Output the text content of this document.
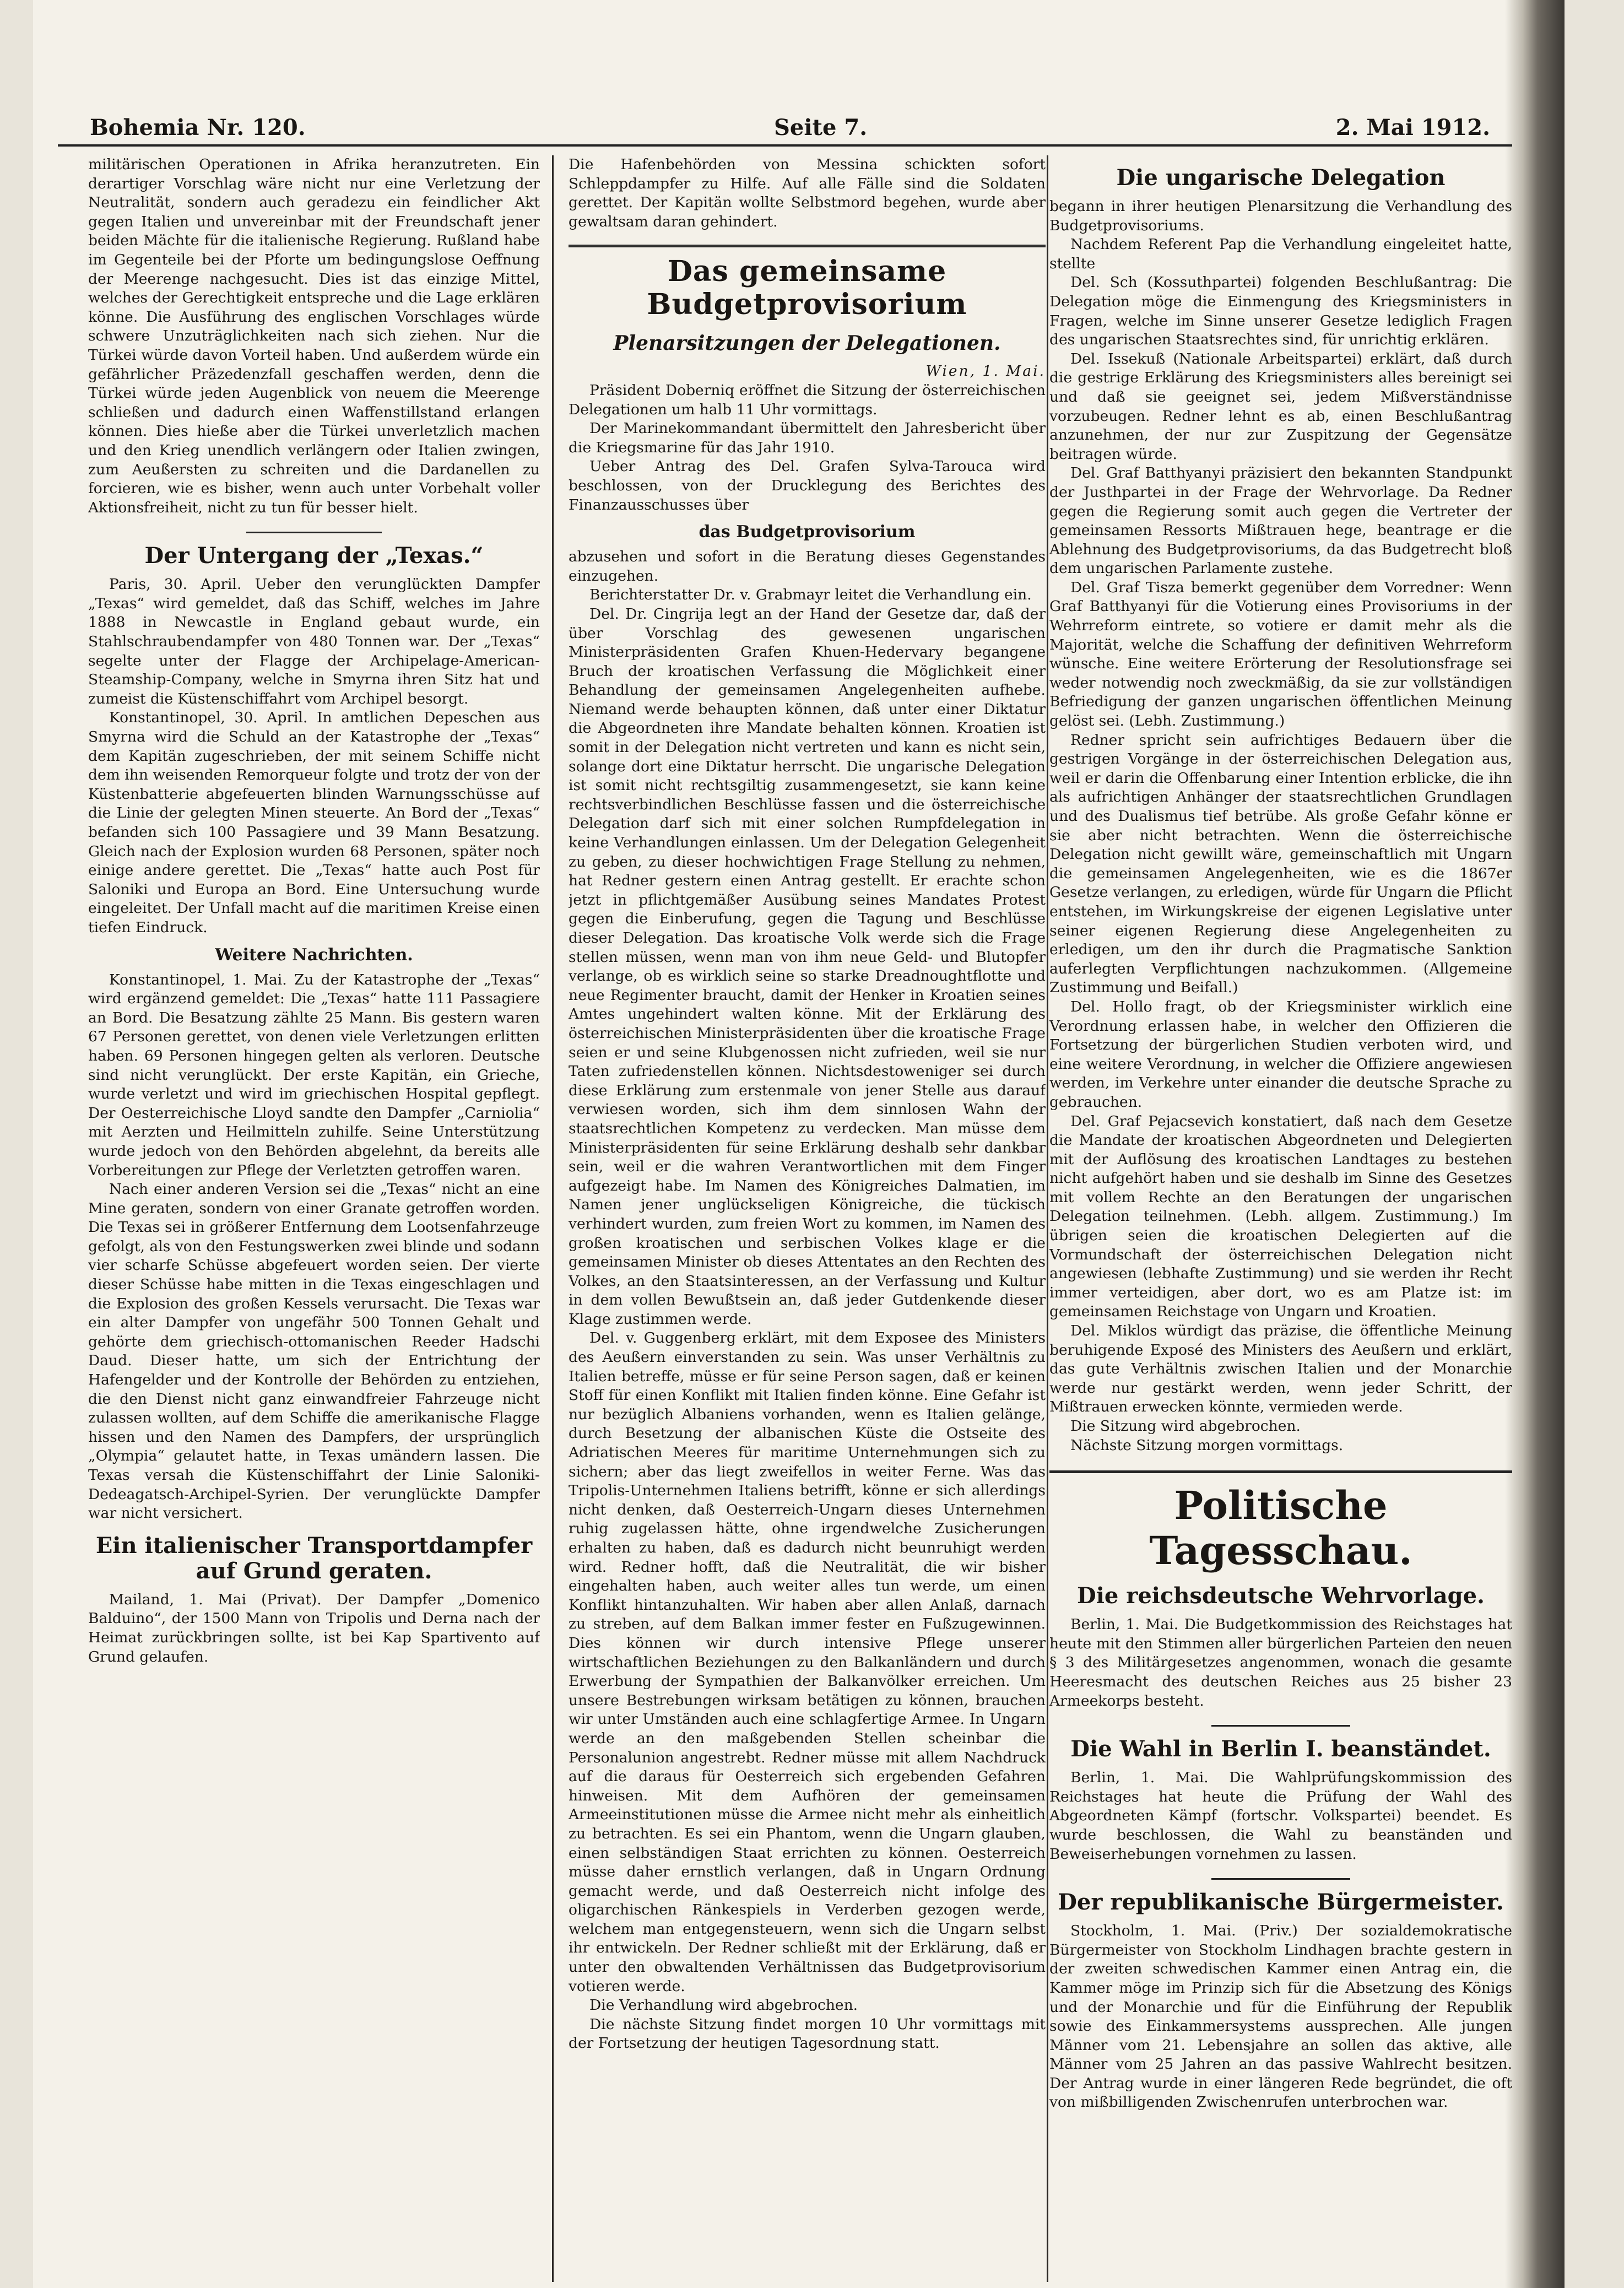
Bohemia Nr. 120.	Seite 7.	2. Mai 1912.

militärischen Operationen in Afrika heranzutreten. Ein derartiger Vorschlag wäre nicht nur eine Verletzung der Neutralität, sondern auch geradezu ein feindlicher Akt gegen Italien und unvereinbar mit der Freundschaft jener beiden Mächte für die italienische Regierung. Rußland habe im Gegenteile bei der Pforte um bedingungslose Oeffnung der Meerenge nachgesucht. Dies ist das einzige Mittel, welches der Gerechtigkeit entspreche und die Lage erklären könne. Die Ausführung des englischen Vorschlages würde schwere Unzuträglichkeiten nach sich ziehen. Nur die Türkei würde davon Vorteil haben. Und außerdem würde ein gefährlicher Präzedenzfall geschaffen werden, denn die Türkei würde jeden Augenblick von neuem die Meerenge schließen und dadurch einen Waffenstillstand erlangen können. Dies hieße aber die Türkei unverletzlich machen und den Krieg unendlich verlängern oder Italien zwingen, zum Aeußersten zu schreiten und die Dardanellen zu forcieren, wie es bisher, wenn auch unter Vorbehalt voller Aktionsfreiheit, nicht zu tun für besser hielt.

Der Untergang der „Texas.“

Paris, 30. April. Ueber den verunglückten Dampfer „Texas“ wird gemeldet, daß das Schiff, welches im Jahre 1888 in Newcastle in England gebaut wurde, ein Stahlschraubendampfer von 480 Tonnen war. Der „Texas“ segelte unter der Flagge der Archipelage-American-Steamship-Company, welche in Smyrna ihren Sitz hat und zumeist die Küstenschiffahrt vom Archipel besorgt.

Konstantinopel, 30. April. In amtlichen Depeschen aus Smyrna wird die Schuld an der Katastrophe der „Texas“ dem Kapitän zugeschrieben, der mit seinem Schiffe nicht dem ihn weisenden Remorqueur folgte und trotz der von der Küstenbatterie abgefeuerten blinden Warnungsschüsse auf die Linie der gelegten Minen steuerte. An Bord der „Texas“ befanden sich 100 Passagiere und 39 Mann Besatzung. Gleich nach der Explosion wurden 68 Personen, später noch einige andere gerettet. Die „Texas“ hatte auch Post für Saloniki und Europa an Bord. Eine Untersuchung wurde eingeleitet. Der Unfall macht auf die maritimen Kreise einen tiefen Eindruck.

Weitere Nachrichten.

Konstantinopel, 1. Mai. Zu der Katastrophe der „Texas“ wird ergänzend gemeldet: Die „Texas“ hatte 111 Passagiere an Bord. Die Besatzung zählte 25 Mann. Bis gestern waren 67 Personen gerettet, von denen viele Verletzungen erlitten haben. 69 Personen hingegen gelten als verloren. Deutsche sind nicht verunglückt. Der erste Kapitän, ein Grieche, wurde verletzt und wird im griechischen Hospital gepflegt. Der Oesterreichische Lloyd sandte den Dampfer „Carniolia“ mit Aerzten und Heilmitteln zuhilfe. Seine Unterstützung wurde jedoch von den Behörden abgelehnt, da bereits alle Vorbereitungen zur Pflege der Verletzten getroffen waren.

Nach einer anderen Version sei die „Texas“ nicht an eine Mine geraten, sondern von einer Granate getroffen worden. Die Texas sei in größerer Entfernung dem Lootsenfahrzeuge gefolgt, als von den Festungswerken zwei blinde und sodann vier scharfe Schüsse abgefeuert worden seien. Der vierte dieser Schüsse habe mitten in die Texas eingeschlagen und die Explosion des großen Kessels verursacht. Die Texas war ein alter Dampfer von ungefähr 500 Tonnen Gehalt und gehörte dem griechisch-ottomanischen Reeder Hadschi Daud. Dieser hatte, um sich der Entrichtung der Hafengelder und der Kontrolle der Behörden zu entziehen, die den Dienst nicht ganz einwandfreier Fahrzeuge nicht zulassen wollten, auf dem Schiffe die amerikanische Flagge hissen und den Namen des Dampfers, der ursprünglich „Olympia“ gelautet hatte, in Texas umändern lassen. Die Texas versah die Küstenschiffahrt der Linie Saloniki-Dedeagatsch-Archipel-Syrien. Der verunglückte Dampfer war nicht versichert.

Ein italienischer Transportdampfer auf Grund geraten.

Mailand, 1. Mai (Privat). Der Dampfer „Domenico Balduino“, der 1500 Mann von Tripolis und Derna nach der Heimat zurückbringen sollte, ist bei Kap Spartivento auf Grund gelaufen.

Die Hafenbehörden von Messina schickten sofort Schleppdampfer zu Hilfe. Auf alle Fälle sind die Soldaten gerettet. Der Kapitän wollte Selbstmord begehen, wurde aber gewaltsam daran gehindert.

Das gemeinsame Budgetprovisorium
Plenarsitzungen der Delegationen.

Wien, 1. Mai.

Präsident Doberniq eröffnet die Sitzung der österreichischen Delegationen um halb 11 Uhr vormittags.

Der Marinekommandant übermittelt den Jahresbericht über die Kriegsmarine für das Jahr 1910.

Ueber Antrag des Del. Grafen Sylva-Tarouca wird beschlossen, von der Drucklegung des Berichtes des Finanzausschusses über

das Budgetprovisorium

abzusehen und sofort in die Beratung dieses Gegenstandes einzugehen.

Berichterstatter Dr. v. Grabmayr leitet die Verhandlung ein.

Del. Dr. Cingrija legt an der Hand der Gesetze dar, daß der über Vorschlag des gewesenen ungarischen Ministerpräsidenten Grafen Khuen-Hedervary begangene Bruch der kroatischen Verfassung die Möglichkeit einer Behandlung der gemeinsamen Angelegenheiten aufhebe. Niemand werde behaupten können, daß unter einer Diktatur die Abgeordneten ihre Mandate behalten können. Kroatien ist somit in der Delegation nicht vertreten und kann es nicht sein, solange dort eine Diktatur herrscht. Die ungarische Delegation ist somit nicht rechtsgiltig zusammengesetzt, sie kann keine rechtsverbindlichen Beschlüsse fassen und die österreichische Delegation darf sich mit einer solchen Rumpfdelegation in keine Verhandlungen einlassen. Um der Delegation Gelegenheit zu geben, zu dieser hochwichtigen Frage Stellung zu nehmen, hat Redner gestern einen Antrag gestellt. Er erachte schon jetzt in pflichtgemäßer Ausübung seines Mandates Protest gegen die Einberufung, gegen die Tagung und Beschlüsse dieser Delegation. Das kroatische Volk werde sich die Frage stellen müssen, wenn man von ihm neue Geld- und Blutopfer verlange, ob es wirklich seine so starke Dreadnoughtflotte und neue Regimenter braucht, damit der Henker in Kroatien seines Amtes ungehindert walten könne. Mit der Erklärung des österreichischen Ministerpräsidenten über die kroatische Frage seien er und seine Klubgenossen nicht zufrieden, weil sie nur Taten zufriedenstellen können. Nichtsdestoweniger sei durch diese Erklärung zum erstenmale von jener Stelle aus darauf verwiesen worden, sich ihm dem sinnlosen Wahn der staatsrechtlichen Kompetenz zu verdecken. Man müsse dem Ministerpräsidenten für seine Erklärung deshalb sehr dankbar sein, weil er die wahren Verantwortlichen mit dem Finger aufgezeigt habe. Im Namen des Königreiches Dalmatien, im Namen jener unglückseligen Königreiche, die tückisch verhindert wurden, zum freien Wort zu kommen, im Namen des großen kroatischen und serbischen Volkes klage er die gemeinsamen Minister ob dieses Attentates an den Rechten des Volkes, an den Staatsinteressen, an der Verfassung und Kultur in dem vollen Bewußtsein an, daß jeder Gutdenkende dieser Klage zustimmen werde.

Del. v. Guggenberg erklärt, mit dem Exposee des Ministers des Aeußern einverstanden zu sein. Was unser Verhältnis zu Italien betreffe, müsse er für seine Person sagen, daß er keinen Stoff für einen Konflikt mit Italien finden könne. Eine Gefahr ist nur bezüglich Albaniens vorhanden, wenn es Italien gelänge, durch Besetzung der albanischen Küste die Ostseite des Adriatischen Meeres für maritime Unternehmungen sich zu sichern; aber das liegt zweifellos in weiter Ferne. Was das Tripolis-Unternehmen Italiens betrifft, könne er sich allerdings nicht denken, daß Oesterreich-Ungarn dieses Unternehmen ruhig zugelassen hätte, ohne irgendwelche Zusicherungen erhalten zu haben, daß es dadurch nicht beunruhigt werden wird. Redner hofft, daß die Neutralität, die wir bisher eingehalten haben, auch weiter alles tun werde, um einen Konflikt hintanzuhalten. Wir haben aber allen Anlaß, darnach zu streben, auf dem Balkan immer fester en Fußzugewinnen. Dies können wir durch intensive Pflege unserer wirtschaftlichen Beziehungen zu den Balkanländern und durch Erwerbung der Sympathien der Balkanvölker erreichen. Um unsere Bestrebungen wirksam betätigen zu können, brauchen wir unter Umständen auch eine schlagfertige Armee. In Ungarn werde an den maßgebenden Stellen scheinbar die Personalunion angestrebt. Redner müsse mit allem Nachdruck auf die daraus für Oesterreich sich ergebenden Gefahren hinweisen. Mit dem Aufhören der gemeinsamen Armeeinstitutionen müsse die Armee nicht mehr als einheitlich zu betrachten. Es sei ein Phantom, wenn die Ungarn glauben, einen selbständigen Staat errichten zu können. Oesterreich müsse daher ernstlich verlangen, daß in Ungarn Ordnung gemacht werde, und daß Oesterreich nicht infolge des oligarchischen Ränkespiels in Verderben gezogen werde, welchem man entgegensteuern, wenn sich die Ungarn selbst ihr entwickeln. Der Redner schließt mit der Erklärung, daß er unter den obwaltenden Verhältnissen das Budgetprovisorium votieren werde.

Die Verhandlung wird abgebrochen.

Die nächste Sitzung findet morgen 10 Uhr vormittags mit der Fortsetzung der heutigen Tagesordnung statt.

Die ungarische Delegation

begann in ihrer heutigen Plenarsitzung die Verhandlung des Budgetprovisoriums.

Nachdem Referent Pap die Verhandlung eingeleitet hatte, stellte

Del. Sch (Kossuthpartei) folgenden Beschlußantrag: Die Delegation möge die Einmengung des Kriegsministers in Fragen, welche im Sinne unserer Gesetze lediglich Fragen des ungarischen Staatsrechtes sind, für unrichtig erklären.

Del. Issekuß (Nationale Arbeitspartei) erklärt, daß durch die gestrige Erklärung des Kriegsministers alles bereinigt sei und daß sie geeignet sei, jedem Mißverständnisse vorzubeugen. Redner lehnt es ab, einen Beschlußantrag anzunehmen, der nur zur Zuspitzung der Gegensätze beitragen würde.

Del. Graf Batthyanyi präzisiert den bekannten Standpunkt der Justhpartei in der Frage der Wehrvorlage. Da Redner gegen die Regierung somit auch gegen die Vertreter der gemeinsamen Ressorts Mißtrauen hege, beantrage er die Ablehnung des Budgetprovisoriums, da das Budgetrecht bloß dem ungarischen Parlamente zustehe.

Del. Graf Tisza bemerkt gegenüber dem Vorredner: Wenn Graf Batthyanyi für die Votierung eines Provisoriums in der Wehrreform eintrete, so votiere er damit mehr als die Majorität, welche die Schaffung der definitiven Wehrreform wünsche. Eine weitere Erörterung der Resolutionsfrage sei weder notwendig noch zweckmäßig, da sie zur vollständigen Befriedigung der ganzen ungarischen öffentlichen Meinung gelöst sei. (Lebh. Zustimmung.)

Redner spricht sein aufrichtiges Bedauern über die gestrigen Vorgänge in der österreichischen Delegation aus, weil er darin die Offenbarung einer Intention erblicke, die ihn als aufrichtigen Anhänger der staatsrechtlichen Grundlagen und des Dualismus tief betrübe. Als große Gefahr könne er sie aber nicht betrachten. Wenn die österreichische Delegation nicht gewillt wäre, gemeinschaftlich mit Ungarn die gemeinsamen Angelegenheiten, wie es die 1867er Gesetze verlangen, zu erledigen, würde für Ungarn die Pflicht entstehen, im Wirkungskreise der eigenen Legislative unter seiner eigenen Regierung diese Angelegenheiten zu erledigen, um den ihr durch die Pragmatische Sanktion auferlegten Verpflichtungen nachzukommen. (Allgemeine Zustimmung und Beifall.)

Del. Hollo fragt, ob der Kriegsminister wirklich eine Verordnung erlassen habe, in welcher den Offizieren die Fortsetzung der bürgerlichen Studien verboten wird, und eine weitere Verordnung, in welcher die Offiziere angewiesen werden, im Verkehre unter einander die deutsche Sprache zu gebrauchen.

Del. Graf Pejacsevich konstatiert, daß nach dem Gesetze die Mandate der kroatischen Abgeordneten und Delegierten mit der Auflösung des kroatischen Landtages zu bestehen nicht aufgehört haben und sie deshalb im Sinne des Gesetzes mit vollem Rechte an den Beratungen der ungarischen Delegation teilnehmen. (Lebh. allgem. Zustimmung.) Im übrigen seien die kroatischen Delegierten auf die Vormundschaft der österreichischen Delegation nicht angewiesen (lebhafte Zustimmung) und sie werden ihr Recht immer verteidigen, aber dort, wo es am Platze ist: im gemeinsamen Reichstage von Ungarn und Kroatien.

Del. Miklos würdigt das präzise, die öffentliche Meinung beruhigende Exposé des Ministers des Aeußern und erklärt, das gute Verhältnis zwischen Italien und der Monarchie werde nur gestärkt werden, wenn jeder Schritt, der Mißtrauen erwecken könnte, vermieden werde.

Die Sitzung wird abgebrochen.

Nächste Sitzung morgen vormittags.

Politische Tagesschau.
Die reichsdeutsche Wehrvorlage.

Berlin, 1. Mai. Die Budgetkommission des Reichstages hat heute mit den Stimmen aller bürgerlichen Parteien den neuen § 3 des Militärgesetzes angenommen, wonach die gesamte Heeresmacht des deutschen Reiches aus 25 bisher 23 Armeekorps besteht.

Die Wahl in Berlin I. beanständet.

Berlin, 1. Mai. Die Wahlprüfungskommission des Reichstages hat heute die Prüfung der Wahl des Abgeordneten Kämpf (fortschr. Volkspartei) beendet. Es wurde beschlossen, die Wahl zu beanständen und Beweiserhebungen vornehmen zu lassen.

Der republikanische Bürgermeister.

Stockholm, 1. Mai. (Priv.) Der sozialdemokratische Bürgermeister von Stockholm Lindhagen brachte gestern in der zweiten schwedischen Kammer einen Antrag ein, die Kammer möge im Prinzip sich für die Absetzung des Königs und der Monarchie und für die Einführung der Republik sowie des Einkammersystems aussprechen. Alle jungen Männer vom 21. Lebensjahre an sollen das aktive, alle Männer vom 25 Jahren an das passive Wahlrecht besitzen. Der Antrag wurde in einer längeren Rede begründet, die oft von mißbilligenden Zwischenrufen unterbrochen war.
